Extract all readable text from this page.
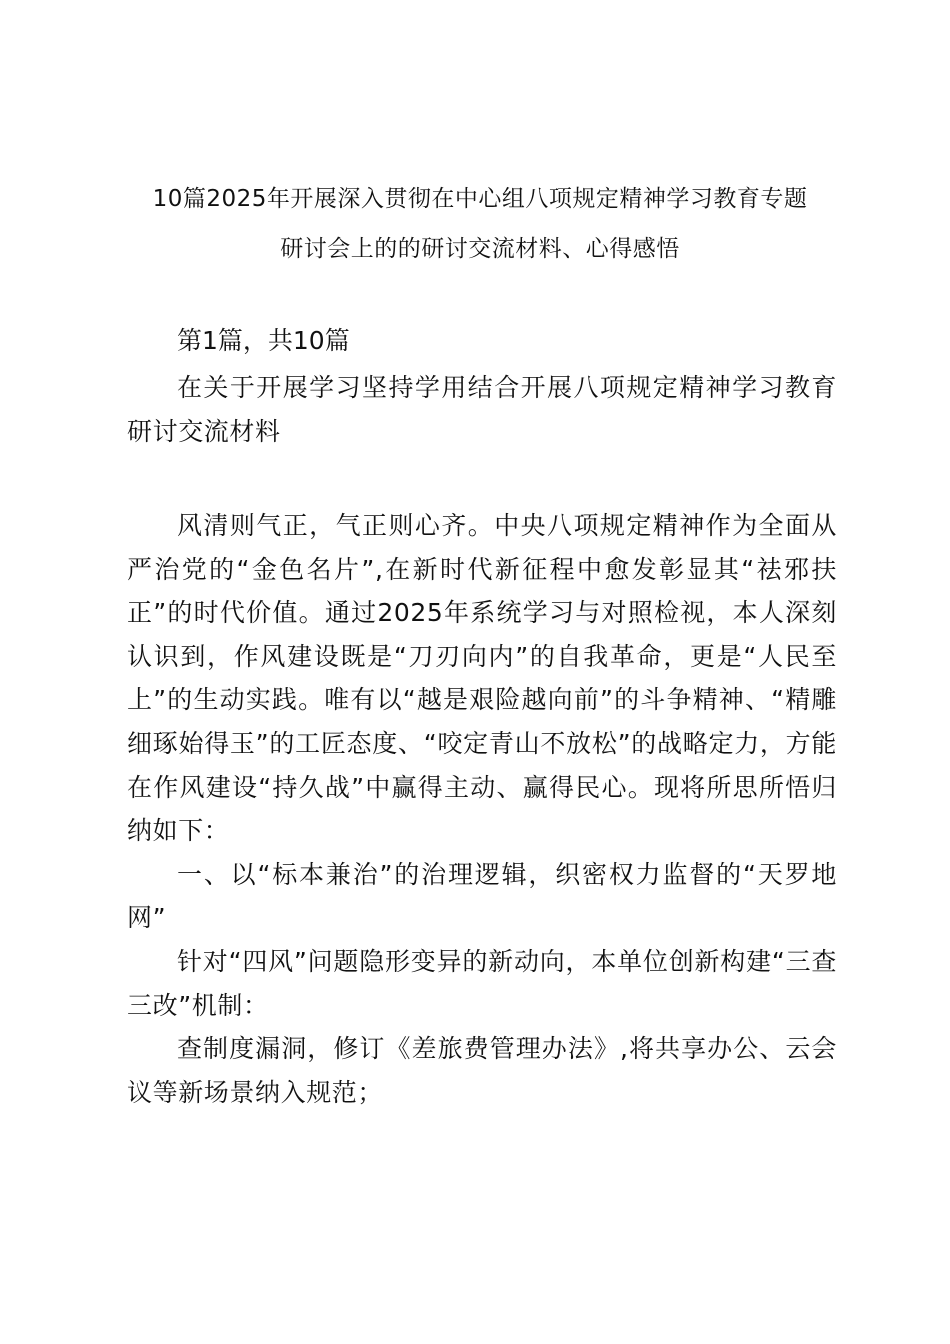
10篇2025年开展深入贯彻在中心组八项规定精神学习教育专题
研讨会上的的研讨交流材料、心得感悟
第1篇，共10篇

在关于开展学习坚持学用结合开展八项规定精神学习教育研讨交流材料

风清则气正，气正则心齐。中央八项规定精神作为全面从严治党的“金色名片”,在新时代新征程中愈发彰显其“祛邪扶正”的时代价值。通过2025年系统学习与对照检视，本人深刻认识到，作风建设既是“刀刃向内”的自我革命，更是“人民至上”的生动实践。唯有以“越是艰险越向前”的斗争精神、“精雕细琢始得玉”的工匠态度、“咬定青山不放松”的战略定力，方能在作风建设“持久战”中赢得主动、赢得民心。现将所思所悟归纳如下：

一、以“标本兼治”的治理逻辑，织密权力监督的“天罗地网”

针对“四风”问题隐形变异的新动向，本单位创新构建“三查三改”机制：

查制度漏洞，修订《差旅费管理办法》,将共享办公、云会议等新场景纳入规范；
